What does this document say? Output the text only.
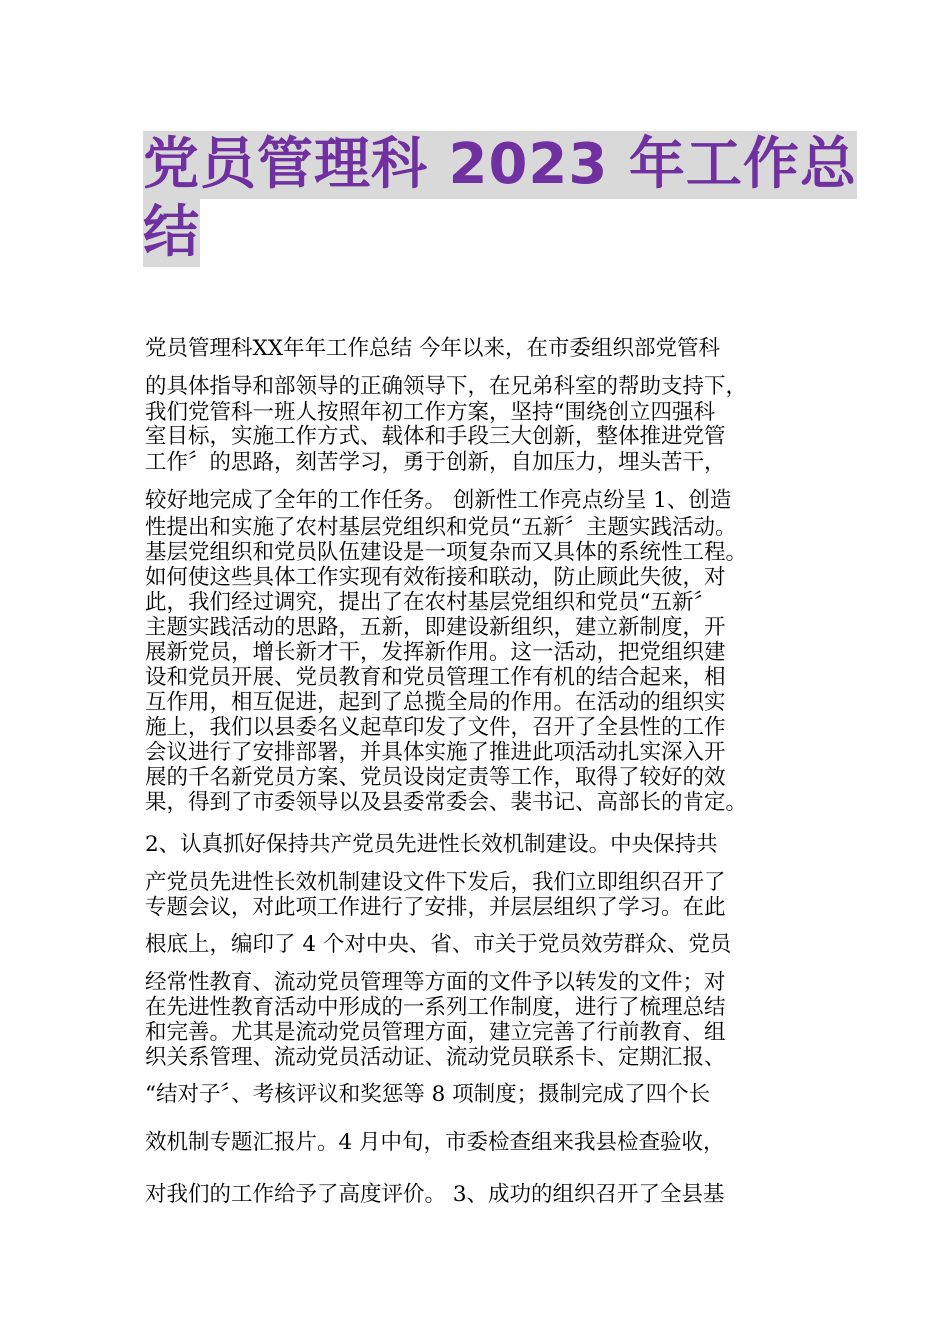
党员管理科 2023 年工作总
结
党员管理科XX年年工作总结 今年以来，在市委组织部党管科
的具体指导和部领导的正确领导下，在兄弟科室的帮助支持下，
我们党管科一班人按照年初工作方案，坚持“围绕创立四强科
室目标，实施工作方式、载体和手段三大创新，整体推进党管
工作〞的思路，刻苦学习，勇于创新，自加压力，埋头苦干，
较好地完成了全年的工作任务。 创新性工作亮点纷呈 1、创造
性提出和实施了农村基层党组织和党员“五新〞主题实践活动。
基层党组织和党员队伍建设是一项复杂而又具体的系统性工程。
如何使这些具体工作实现有效衔接和联动，防止顾此失彼，对
此，我们经过调究，提出了在农村基层党组织和党员“五新〞
主题实践活动的思路，五新，即建设新组织，建立新制度，开
展新党员，增长新才干，发挥新作用。这一活动，把党组织建
设和党员开展、党员教育和党员管理工作有机的结合起来，相
互作用，相互促进，起到了总揽全局的作用。在活动的组织实
施上，我们以县委名义起草印发了文件，召开了全县性的工作
会议进行了安排部署，并具体实施了推进此项活动扎实深入开
展的千名新党员方案、党员设岗定责等工作，取得了较好的效
果，得到了市委领导以及县委常委会、裴书记、高部长的肯定。
2、认真抓好保持共产党员先进性长效机制建设。中央保持共
产党员先进性长效机制建设文件下发后，我们立即组织召开了
专题会议，对此项工作进行了安排，并层层组织了学习。在此
根底上，编印了 4 个对中央、省、市关于党员效劳群众、党员
经常性教育、流动党员管理等方面的文件予以转发的文件；对
在先进性教育活动中形成的一系列工作制度，进行了梳理总结
和完善。尤其是流动党员管理方面，建立完善了行前教育、组
织关系管理、流动党员活动证、流动党员联系卡、定期汇报、
“结对子〞、考核评议和奖惩等 8 项制度；摄制完成了四个长
效机制专题汇报片。4 月中旬，市委检查组来我县检查验收，
对我们的工作给予了高度评价。 3、成功的组织召开了全县基
